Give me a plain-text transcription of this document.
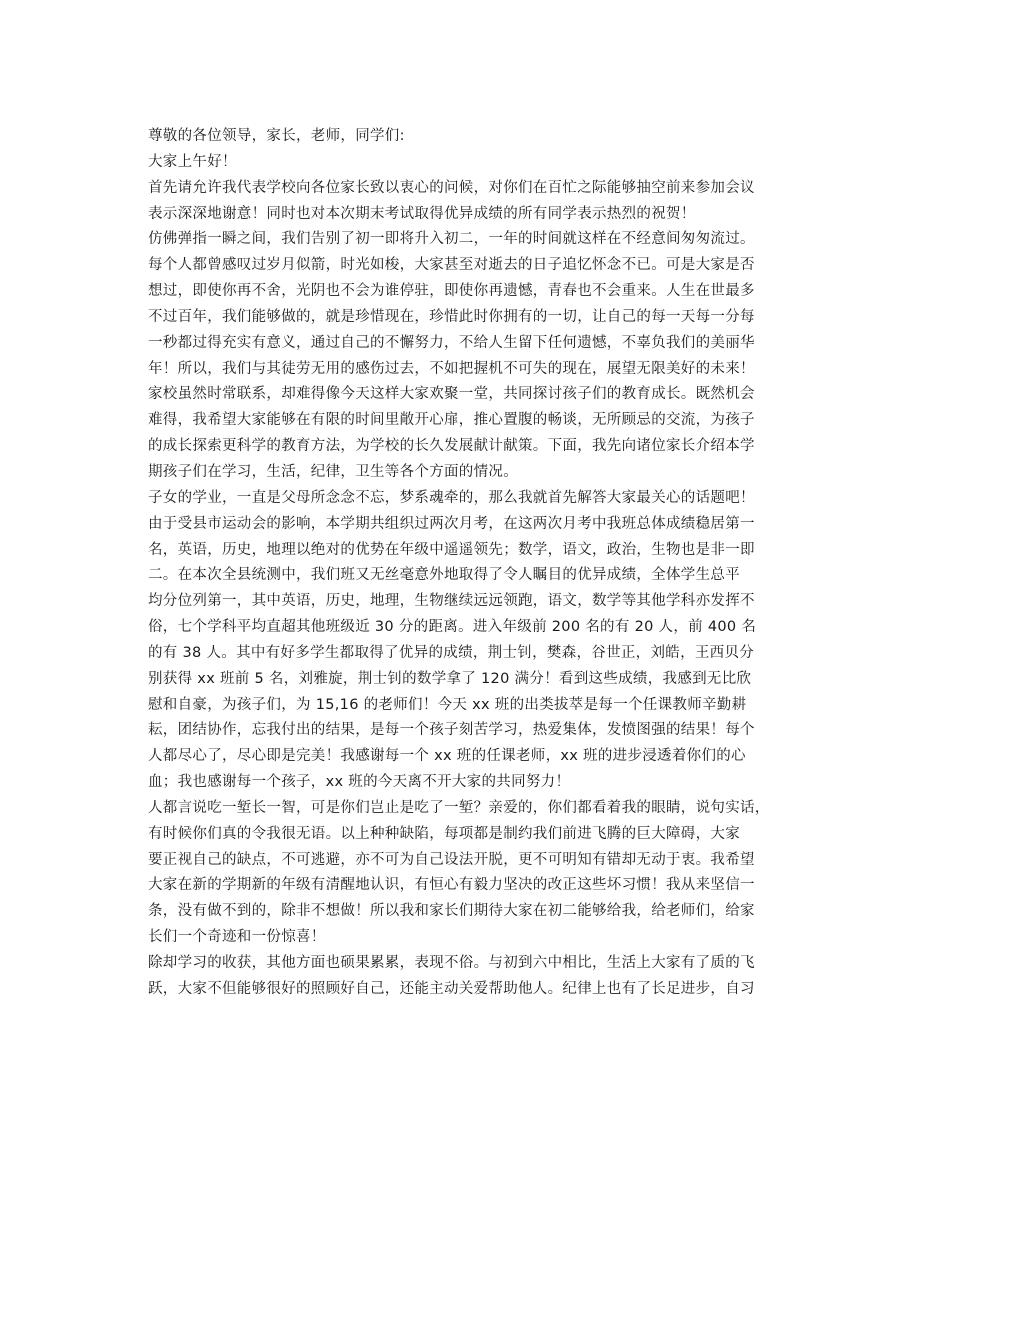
尊敬的各位领导，家长，老师，同学们:
大家上午好！
首先请允许我代表学校向各位家长致以衷心的问候，对你们在百忙之际能够抽空前来参加会议
表示深深地谢意！同时也对本次期末考试取得优异成绩的所有同学表示热烈的祝贺！
仿佛弹指一瞬之间，我们告别了初一即将升入初二，一年的时间就这样在不经意间匆匆流过。
每个人都曾感叹过岁月似箭，时光如梭，大家甚至对逝去的日子追忆怀念不已。可是大家是否
想过，即使你再不舍，光阴也不会为谁停驻，即使你再遗憾，青春也不会重来。人生在世最多
不过百年，我们能够做的，就是珍惜现在，珍惜此时你拥有的一切，让自己的每一天每一分每
一秒都过得充实有意义，通过自己的不懈努力，不给人生留下任何遗憾，不辜负我们的美丽华
年！所以，我们与其徒劳无用的感伤过去，不如把握机不可失的现在，展望无限美好的未来！
家校虽然时常联系，却难得像今天这样大家欢聚一堂，共同探讨孩子们的教育成长。既然机会
难得，我希望大家能够在有限的时间里敞开心扉，推心置腹的畅谈，无所顾忌的交流，为孩子
的成长探索更科学的教育方法，为学校的长久发展献计献策。下面，我先向诸位家长介绍本学
期孩子们在学习，生活，纪律，卫生等各个方面的情况。
子女的学业，一直是父母所念念不忘，梦系魂牵的，那么我就首先解答大家最关心的话题吧！
由于受县市运动会的影响，本学期共组织过两次月考，在这两次月考中我班总体成绩稳居第一
名，英语，历史，地理以绝对的优势在年级中遥遥领先；数学，语文，政治，生物也是非一即
二。在本次全县统测中，我们班又无丝毫意外地取得了令人瞩目的优异成绩，全体学生总平
均分位列第一，其中英语，历史，地理，生物继续远远领跑，语文，数学等其他学科亦发挥不
俗，七个学科平均直超其他班级近 30 分的距离。进入年级前 200 名的有 20 人，前 400 名
的有 38 人。其中有好多学生都取得了优异的成绩，荆士钊，樊森，谷世正，刘皓，王西贝分
别获得 xx 班前 5 名，刘雅旋，荆士钊的数学拿了 120 满分！看到这些成绩，我感到无比欣
慰和自豪，为孩子们，为 15,16 的老师们！今天 xx 班的出类拔萃是每一个任课教师辛勤耕
耘，团结协作，忘我付出的结果，是每一个孩子刻苦学习，热爱集体，发愤图强的结果！每个
人都尽心了，尽心即是完美！我感谢每一个 xx 班的任课老师，xx 班的进步浸透着你们的心
血；我也感谢每一个孩子，xx 班的今天离不开大家的共同努力！
人都言说吃一堑长一智，可是你们岂止是吃了一堑？亲爱的，你们都看着我的眼睛，说句实话，
有时候你们真的令我很无语。以上种种缺陷，每项都是制约我们前进飞腾的巨大障碍，大家
要正视自己的缺点，不可逃避，亦不可为自己设法开脱，更不可明知有错却无动于衷。我希望
大家在新的学期新的年级有清醒地认识，有恒心有毅力坚决的改正这些坏习惯！我从来坚信一
条，没有做不到的，除非不想做！所以我和家长们期待大家在初二能够给我，给老师们，给家
长们一个奇迹和一份惊喜！
除却学习的收获，其他方面也硕果累累，表现不俗。与初到六中相比，生活上大家有了质的飞
跃，大家不但能够很好的照顾好自己，还能主动关爱帮助他人。纪律上也有了长足进步，自习
